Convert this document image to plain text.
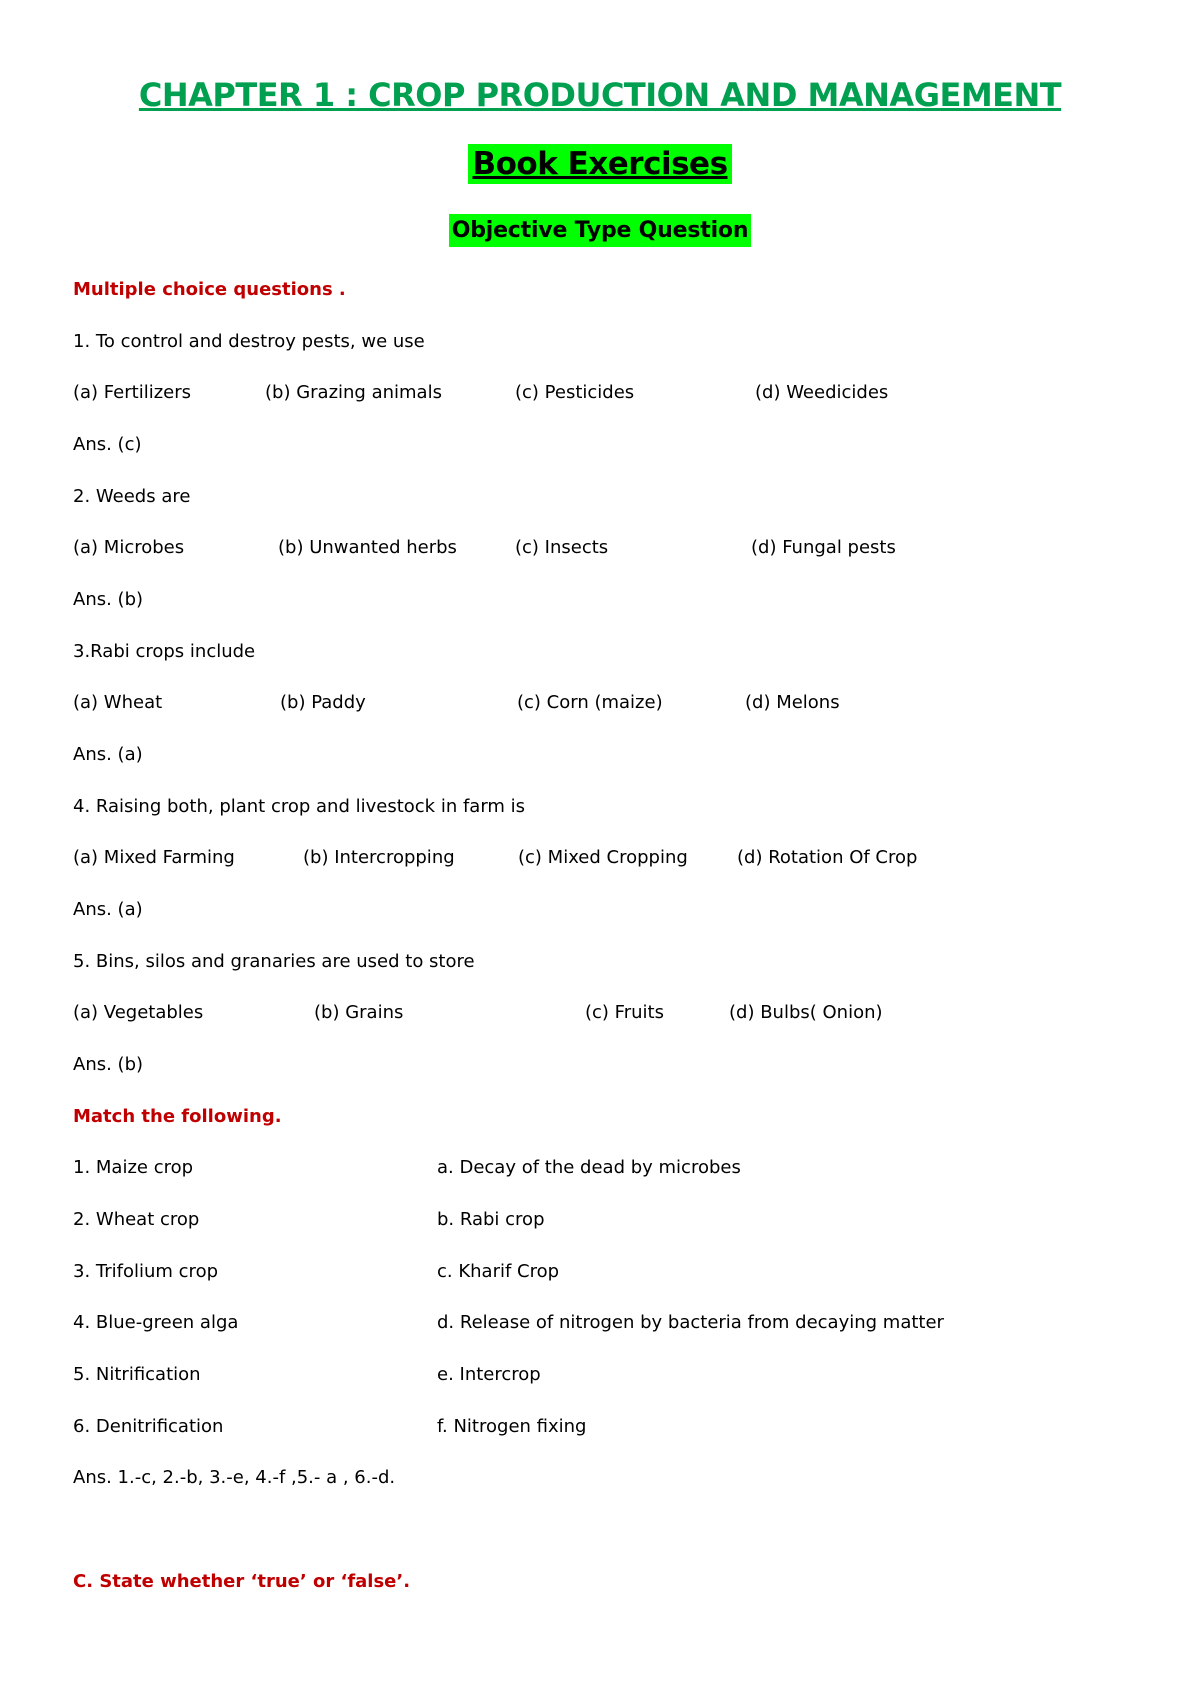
CHAPTER 1 : CROP PRODUCTION AND MANAGEMENT
Book Exercises
Objective Type Question
Multiple choice questions .
1. To control and destroy pests, we use
(a) Fertilizers	(b) Grazing animals	(c) Pesticides	(d) Weedicides
Ans. (c)
2. Weeds are
(a) Microbes	(b) Unwanted herbs	(c) Insects	(d) Fungal pests
Ans. (b)
3.Rabi crops include
(a) Wheat	(b) Paddy	(c) Corn (maize)	(d) Melons
Ans. (a)
4. Raising both, plant crop and livestock in farm is
(a) Mixed Farming	(b) Intercropping	(c) Mixed Cropping	(d) Rotation Of Crop
Ans. (a)
5. Bins, silos and granaries are used to store
(a) Vegetables	(b) Grains	(c) Fruits	(d) Bulbs( Onion)
Ans. (b)
Match the following.
1. Maize crop	a. Decay of the dead by microbes
2. Wheat crop	b. Rabi crop
3. Trifolium crop	c. Kharif Crop
4. Blue-green alga	d. Release of nitrogen by bacteria from decaying matter
5. Nitrification	e. Intercrop
6. Denitrification	f. Nitrogen fixing
Ans. 1.-c, 2.-b, 3.-e, 4.-f ,5.- a , 6.-d.
C. State whether ‘true’ or ‘false’.
